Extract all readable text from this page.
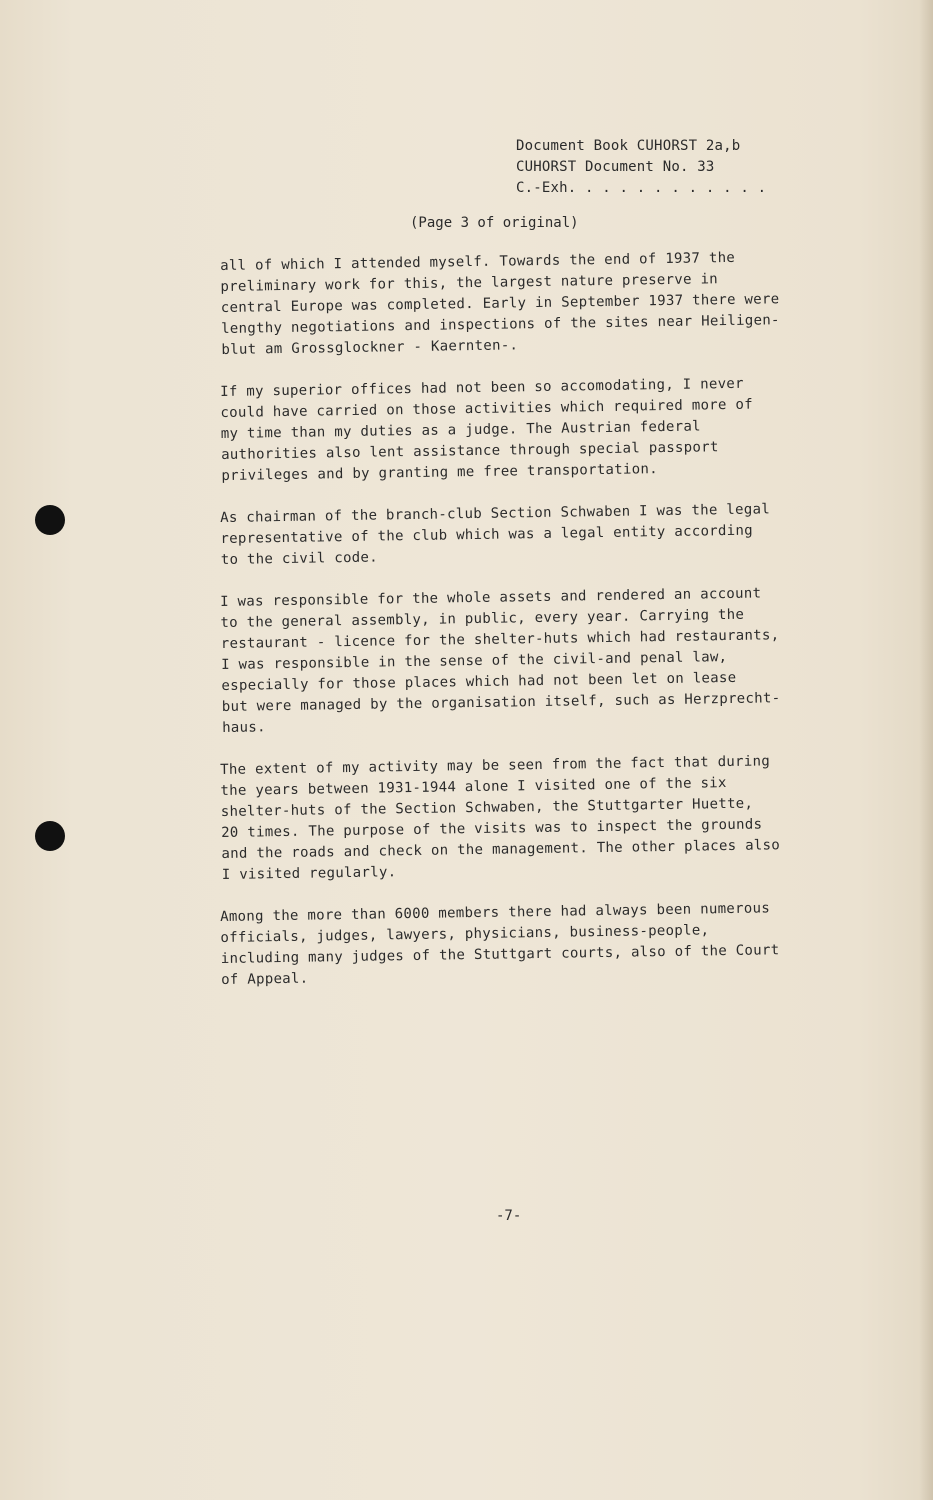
Document Book CUHORST 2a,b
CUHORST Document No. 33
C.-Exh. . . . . . . . . . . .
(Page 3 of original)
all of which I attended myself. Towards the end of 1937 the
preliminary work for this, the largest nature preserve in
central Europe was completed. Early in September 1937 there were
lengthy negotiations and inspections of the sites near Heiligen-
blut am Grossglockner - Kaernten-.
If my superior offices had not been so accomodating, I never
could have carried on those activities which required more of
my time than my duties as a judge. The Austrian federal
authorities also lent assistance through special passport
privileges and by granting me free transportation.
As chairman of the branch-club Section Schwaben I was the legal
representative of the club which was a legal entity according
to the civil code.
I was responsible for the whole assets and rendered an account
to the general assembly, in public, every year. Carrying the
restaurant - licence for the shelter-huts which had restaurants,
I was responsible in the sense of the civil-and penal law,
especially for those places which had not been let on lease
but were managed by the organisation itself, such as Herzprecht-
haus.
The extent of my activity may be seen from the fact that during
the years between 1931-1944 alone I visited one of the six
shelter-huts of the Section Schwaben, the Stuttgarter Huette,
20 times. The purpose of the visits was to inspect the grounds
and the roads and check on the management. The other places also
I visited regularly.
Among the more than 6000 members there had always been numerous
officials, judges, lawyers, physicians, business-people,
including many judges of the Stuttgart courts, also of the Court
of Appeal.
-7-
